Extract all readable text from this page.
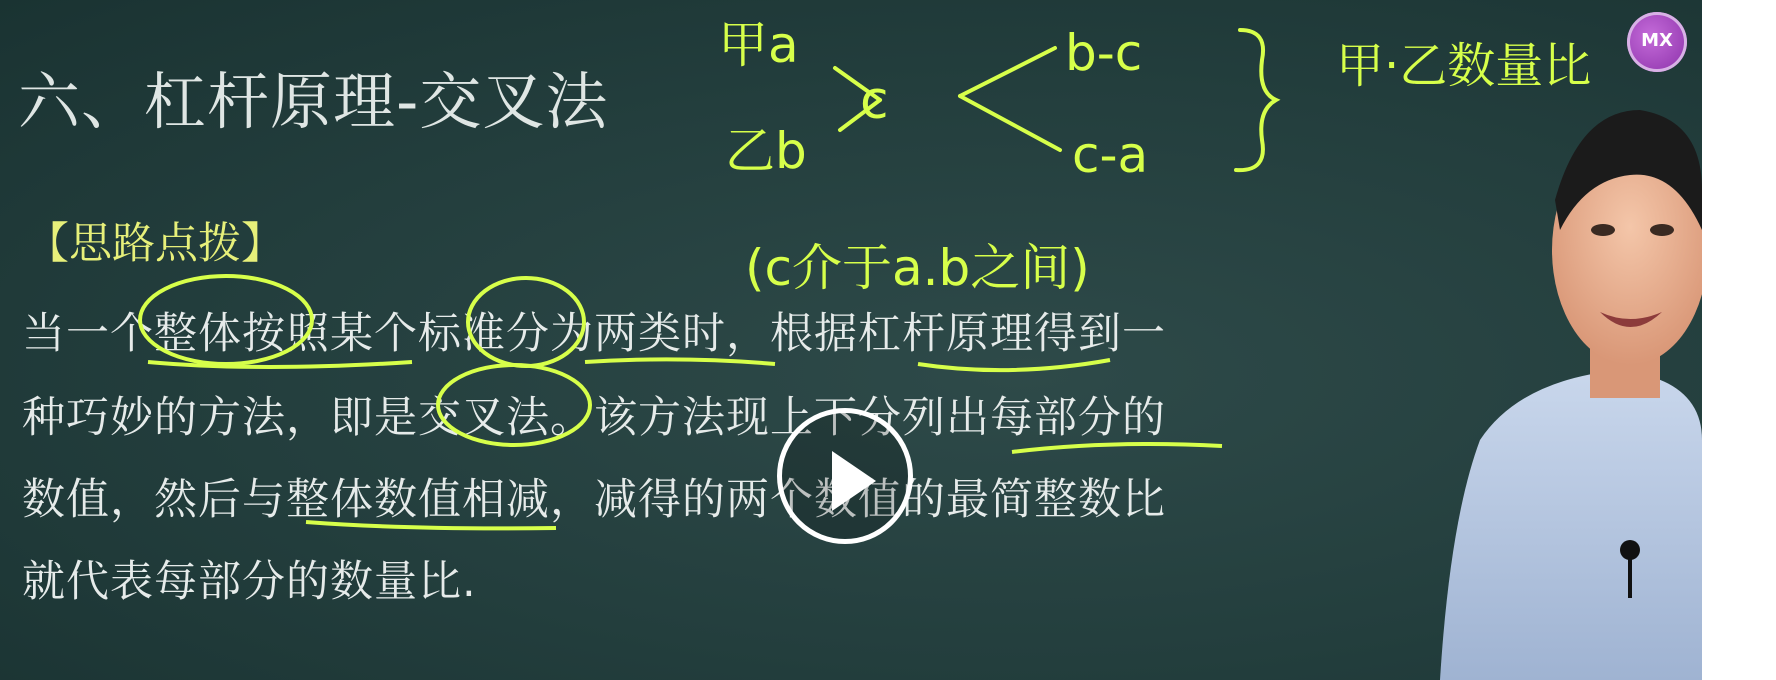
六、杠杆原理-交叉法
【思路点拨】
当一个整体按照某个标准分为两类时，根据杠杆原理得到一
种巧妙的方法，即是交叉法。该方法现上下分列出每部分的
数值，然后与整体数值相减，减得的两个数值的最简整数比
就代表每部分的数量比.
甲a
乙b
c
b-c
c-a
甲·乙数量比
(c介于a.b之间)
MX
